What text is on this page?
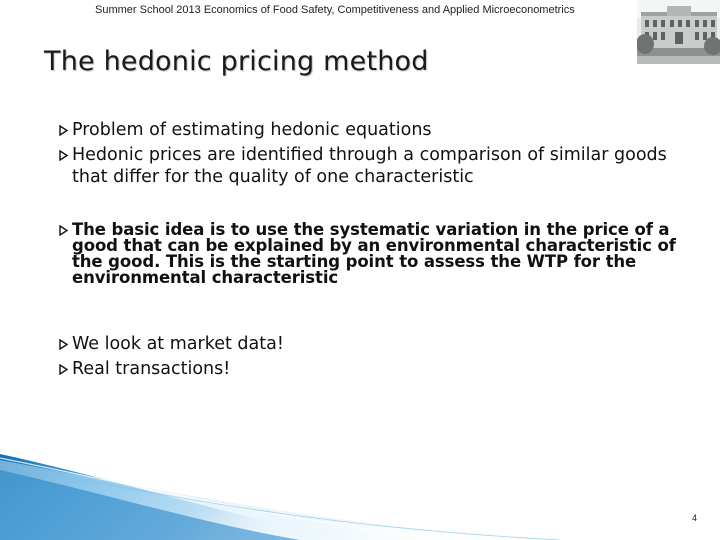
Summer School 2013 Economics of Food Safety, Competitiveness and Applied Microeconometrics
The hedonic pricing method
Problem of estimating hedonic equations
Hedonic prices are identified through a comparison of similar goods that differ for the quality of one characteristic
The basic idea is to use the systematic variation in the price of a good that can be explained by an environmental characteristic of the good. This is the starting point to assess the WTP for the environmental characteristic
We look at market data!
Real transactions!
4
